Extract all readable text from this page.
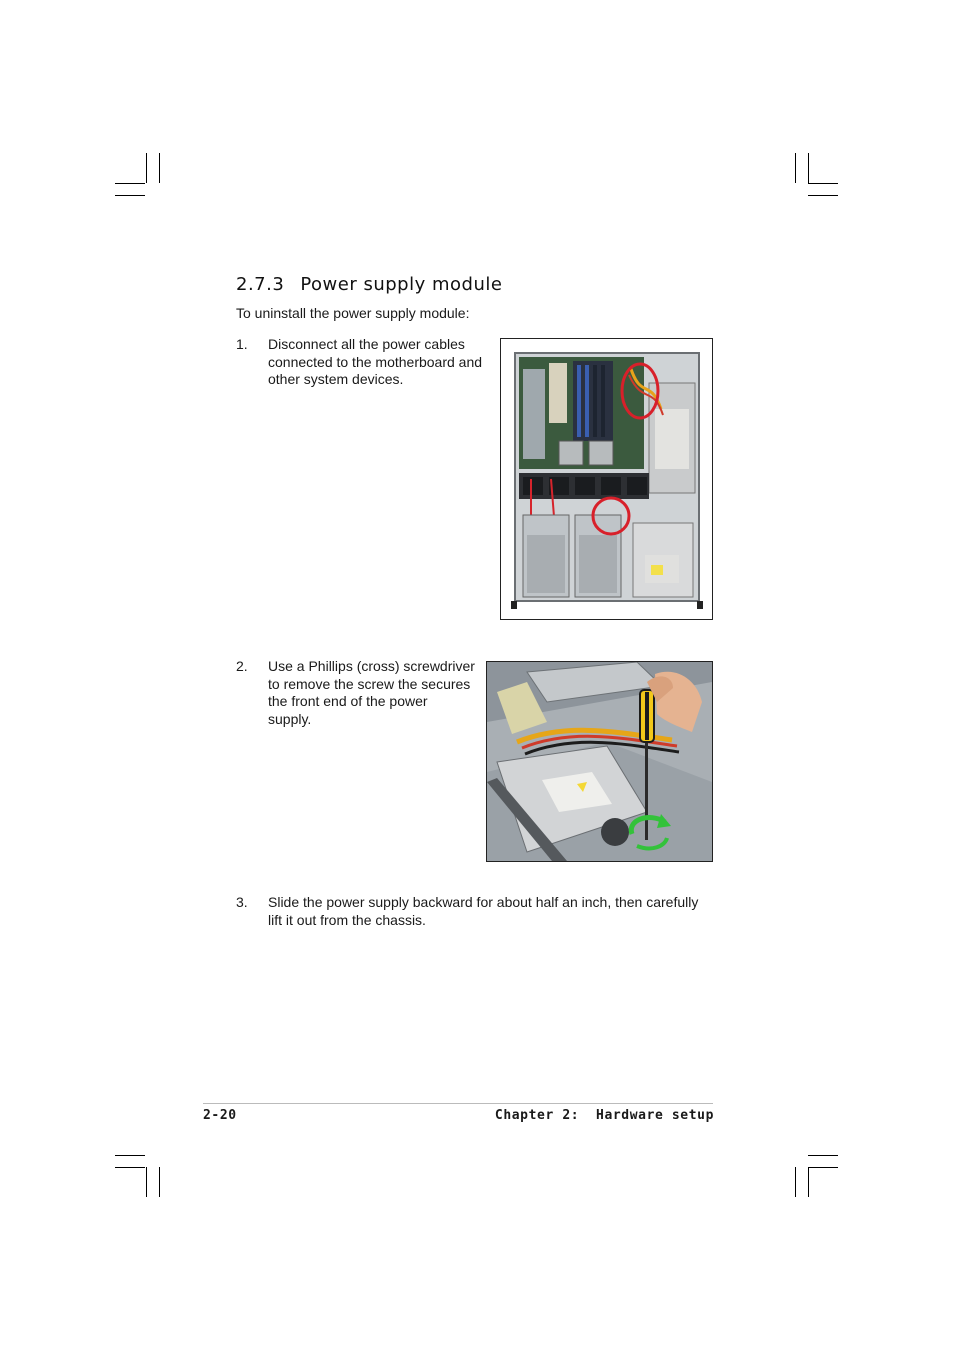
2.7.3 Power supply module
To uninstall the power supply module:
1. Disconnect all the power cables
connected to the motherboard and
other system devices.
2. Use a Phillips (cross) screwdriver
to remove the screw the secures
the front end of the power
supply.
3. Slide the power supply backward for about half an inch, then carefully
lift it out from the chassis.
2-20	Chapter 2:  Hardware setup
